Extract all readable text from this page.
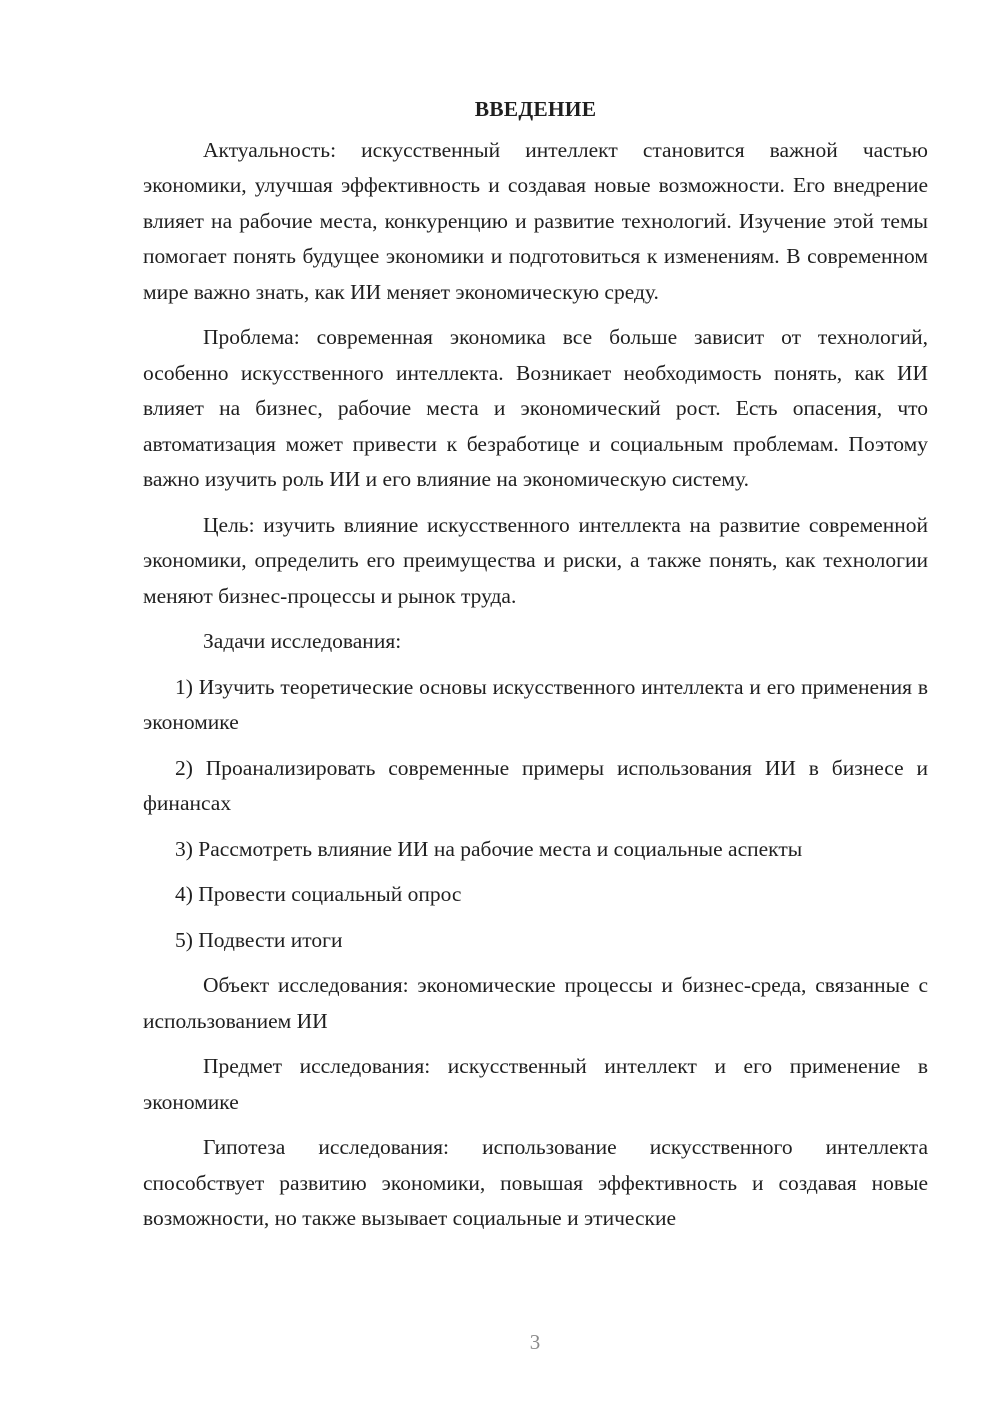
ВВЕДЕНИЕ

Актуальность: искусственный интеллект становится важной частью экономики, улучшая эффективность и создавая новые возможности. Его внедрение влияет на рабочие места, конкуренцию и развитие технологий. Изучение этой темы помогает понять будущее экономики и подготовиться к изменениям. В современном мире важно знать, как ИИ меняет экономическую среду.

Проблема: современная экономика все больше зависит от технологий, особенно искусственного интеллекта. Возникает необходимость понять, как ИИ влияет на бизнес, рабочие места и экономический рост. Есть опасения, что автоматизация может привести к безработице и социальным проблемам. Поэтому важно изучить роль ИИ и его влияние на экономическую систему.

Цель: изучить влияние искусственного интеллекта на развитие современной экономики, определить его преимущества и риски, а также понять, как технологии меняют бизнес-процессы и рынок труда.

Задачи исследования:

1) Изучить теоретические основы искусственного интеллекта и его применения в экономике

2) Проанализировать современные примеры использования ИИ в бизнесе и финансах

3) Рассмотреть влияние ИИ на рабочие места и социальные аспекты

4) Провести социальный опрос

5) Подвести итоги

Объект исследования: экономические процессы и бизнес-среда, связанные с использованием ИИ

Предмет исследования: искусственный интеллект и его применение в экономике

Гипотеза исследования: использование искусственного интеллекта способствует развитию экономики, повышая эффективность и создавая новые возможности, но также вызывает социальные и этические

3
